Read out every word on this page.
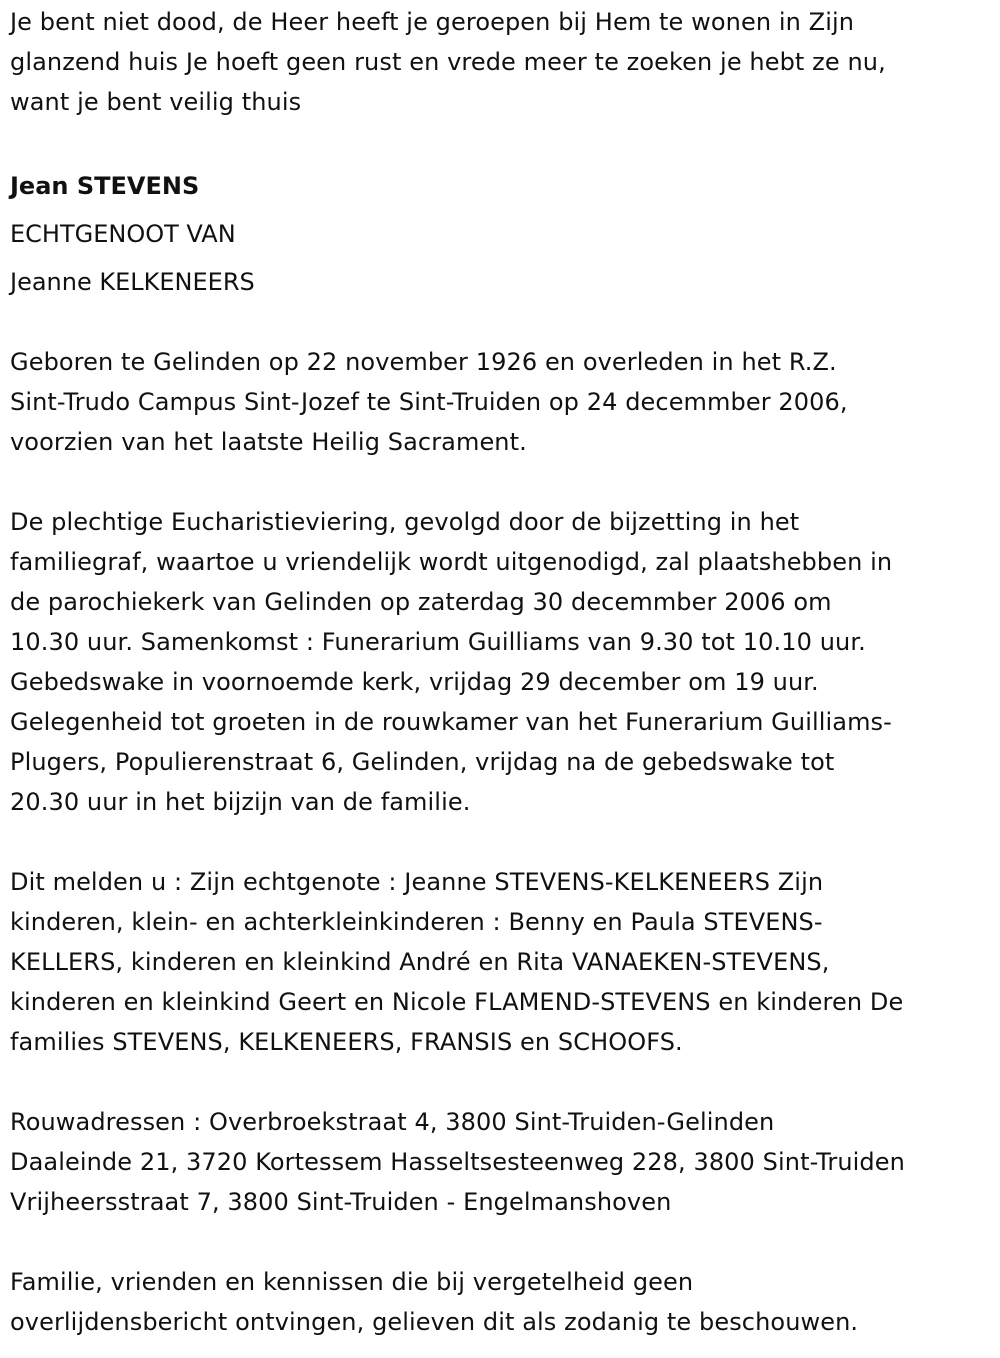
Je bent niet dood, de Heer heeft je geroepen bij Hem te wonen in Zijn
glanzend huis Je hoeft geen rust en vrede meer te zoeken je hebt ze nu,
want je bent veilig thuis
Jean STEVENS
ECHTGENOOT VAN
Jeanne KELKENEERS
Geboren te Gelinden op 22 november 1926 en overleden in het R.Z.
Sint-Trudo Campus Sint-Jozef te Sint-Truiden op 24 decemmber 2006,
voorzien van het laatste Heilig Sacrament.
De plechtige Eucharistieviering, gevolgd door de bijzetting in het
familiegraf, waartoe u vriendelijk wordt uitgenodigd, zal plaatshebben in
de parochiekerk van Gelinden op zaterdag 30 decemmber 2006 om
10.30 uur. Samenkomst : Funerarium Guilliams van 9.30 tot 10.10 uur.
Gebedswake in voornoemde kerk, vrijdag 29 december om 19 uur.
Gelegenheid tot groeten in de rouwkamer van het Funerarium Guilliams-
Plugers, Populierenstraat 6, Gelinden, vrijdag na de gebedswake tot
20.30 uur in het bijzijn van de familie.
Dit melden u : Zijn echtgenote : Jeanne STEVENS-KELKENEERS Zijn
kinderen, klein- en achterkleinkinderen : Benny en Paula STEVENS-
KELLERS, kinderen en kleinkind André en Rita VANAEKEN-STEVENS,
kinderen en kleinkind Geert en Nicole FLAMEND-STEVENS en kinderen De
families STEVENS, KELKENEERS, FRANSIS en SCHOOFS.
Rouwadressen : Overbroekstraat 4, 3800 Sint-Truiden-Gelinden
Daaleinde 21, 3720 Kortessem Hasseltsesteenweg 228, 3800 Sint-Truiden
Vrijheersstraat 7, 3800 Sint-Truiden - Engelmanshoven
Familie, vrienden en kennissen die bij vergetelheid geen
overlijdensbericht ontvingen, gelieven dit als zodanig te beschouwen.
